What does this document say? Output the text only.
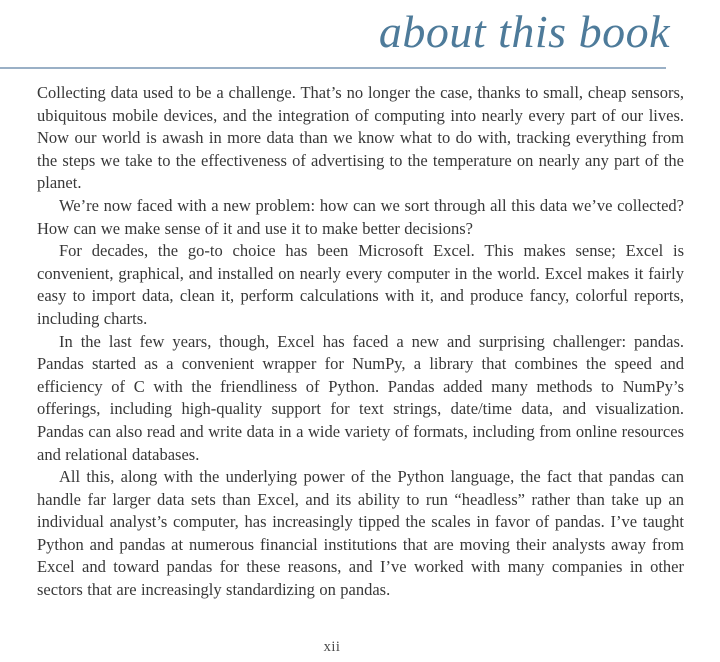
about this book

Collecting data used to be a challenge. That’s no longer the case, thanks to small, cheap sensors, ubiquitous mobile devices, and the integration of computing into nearly every part of our lives. Now our world is awash in more data than we know what to do with, tracking everything from the steps we take to the effectiveness of advertising to the temperature on nearly any part of the planet.

We’re now faced with a new problem: how can we sort through all this data we’ve collected? How can we make sense of it and use it to make better decisions?

For decades, the go-to choice has been Microsoft Excel. This makes sense; Excel is convenient, graphical, and installed on nearly every computer in the world. Excel makes it fairly easy to import data, clean it, perform calculations with it, and produce fancy, colorful reports, including charts.

In the last few years, though, Excel has faced a new and surprising challenger: pandas. Pandas started as a convenient wrapper for NumPy, a library that combines the speed and efficiency of C with the friendliness of Python. Pandas added many methods to NumPy’s offerings, including high-quality support for text strings, date/time data, and visualization. Pandas can also read and write data in a wide variety of formats, including from online resources and relational databases.

All this, along with the underlying power of the Python language, the fact that pandas can handle far larger data sets than Excel, and its ability to run “headless” rather than take up an individual analyst’s computer, has increasingly tipped the scales in favor of pandas. I’ve taught Python and pandas at numerous financial institutions that are moving their analysts away from Excel and toward pandas for these reasons, and I’ve worked with many companies in other sectors that are increasingly standardizing on pandas.

xii
